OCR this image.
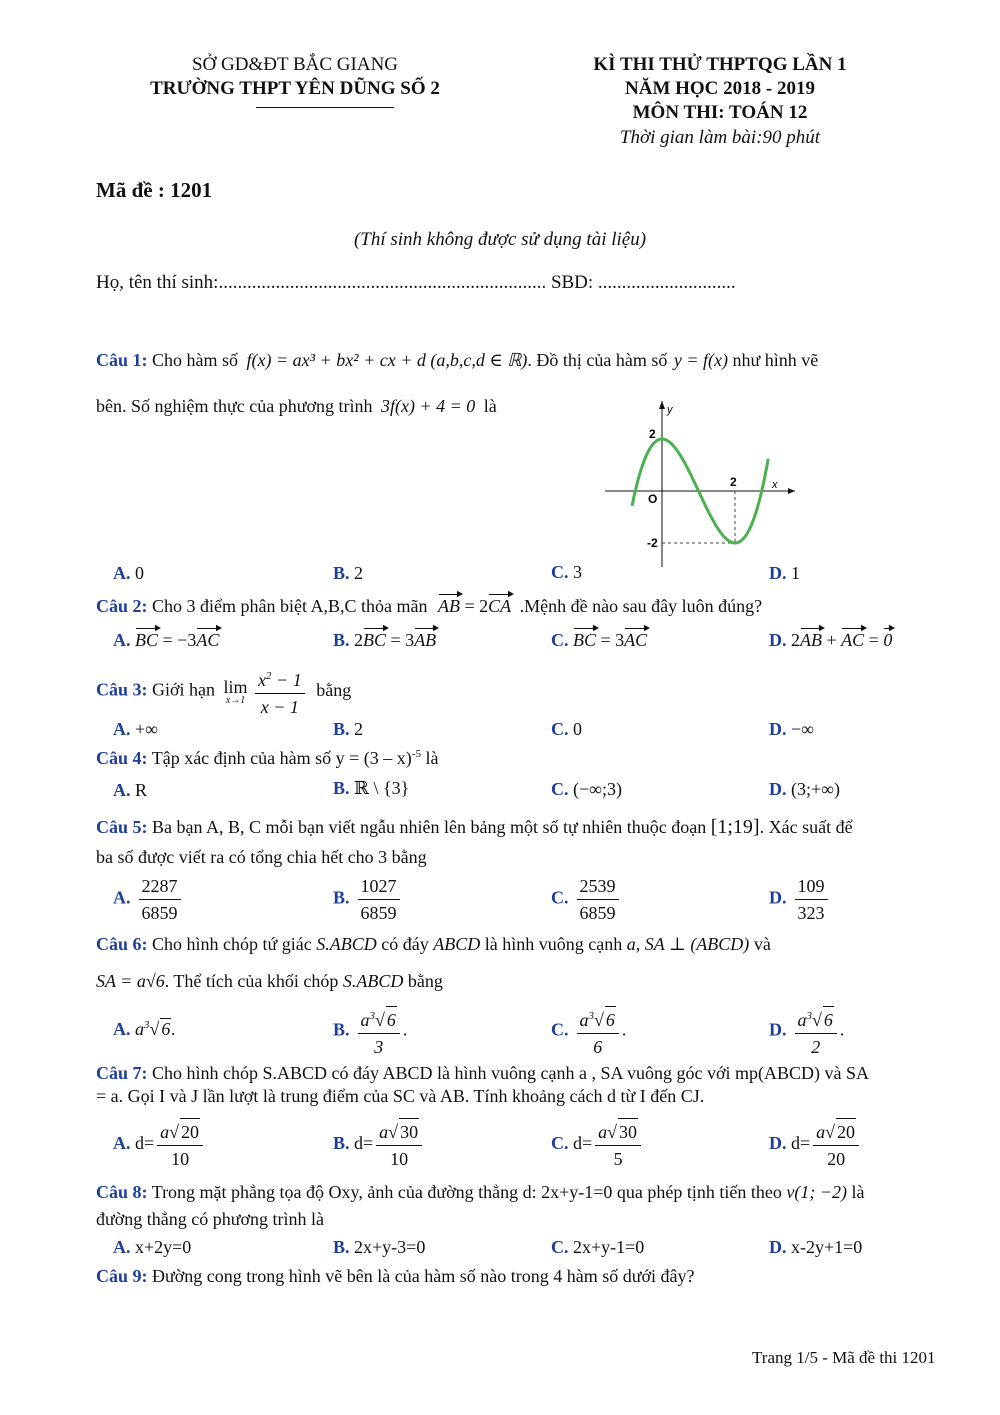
SỞ GD&ĐT BẮC GIANG
TRƯỜNG THPT YÊN DŨNG SỐ 2
KÌ THI THỬ THPTQG LẦN 1
NĂM HỌC 2018 - 2019
MÔN THI: TOÁN 12
Thời gian làm bài:90 phút
Mã đề : 1201
(Thí sinh không được sử dụng tài liệu)
Họ, tên thí sinh:..................................................................... SBD: .............................
Câu 1: Cho hàm số f(x) = ax³ + bx² + cx + d (a,b,c,d ∈ ℝ). Đồ thị của hàm số y = f(x) như hình vẽ
bên. Số nghiệm thực của phương trình 3f(x) + 4 = 0 là	y
x
2
-2
2
O
A. 0	B. 2	C. 3	D. 1
Câu 2: Cho 3 điểm phân biệt A,B,C thỏa mãn AB = 2CA .Mệnh đề nào sau đây luôn đúng?
A. BC = −3AC	B. 2BC = 3AB	C. BC = 3AC	D. 2AB + AC = 0
Câu 3: Giới hạn lim
x→1
$\frac{x^2 - 1}{x - 1}$ bằng
A. +∞	B. 2	C. 0	D. −∞
Câu 4: Tập xác định của hàm số y = (3 – x)$^{-5}$ là
A. R	B. ℝ \ {3}	C. (−∞;3)	D. (3;+∞)
Câu 5: Ba bạn A, B, C mỗi bạn viết ngẫu nhiên lên bảng một số tự nhiên thuộc đoạn [1;19]. Xác suất để
ba số được viết ra có tổng chia hết cho 3 bằng
A. $\frac{2287}{6859}$	B. $\frac{1027}{6859}$	C. $\frac{2539}{6859}$	D. $\frac{109}{323}$
Câu 6: Cho hình chóp tứ giác S.ABCD có đáy ABCD là hình vuông cạnh a, SA ⊥ (ABCD) và
SA = a√6. Thể tích của khối chóp S.ABCD bằng
A. $a^3√$ 6.	B. $\frac{a^3√ 6}{3}$ .	C. $\frac{a^3√ 6}{6}$ .	D. $\frac{a^3√ 6}{2}$ .
Câu 7: Cho hình chóp S.ABCD có đáy ABCD là hình vuông cạnh a , SA vuông góc với mp(ABCD) và SA
= a. Gọi I và J lần lượt là trung điểm của SC và AB. Tính khoảng cách d từ I đến CJ.
A. $d= \frac{a√ 20}{10}$	B. $d= \frac{a√ 30}{10}$	C. $d= \frac{a√ 30}{5}$	D. $d= \frac{a√ 20}{20}$
Câu 8: Trong mặt phẳng tọa độ Oxy, ảnh của đường thẳng d: 2x+y-1=0 qua phép tịnh tiến theo v(1; −2) là
đường thẳng có phương trình là
A. x+2y=0	B. 2x+y-3=0	C. 2x+y-1=0	D. x-2y+1=0
Câu 9: Đường cong trong hình vẽ bên là của hàm số nào trong 4 hàm số dưới đây?
Trang 1/5 - Mã đề thi 1201
